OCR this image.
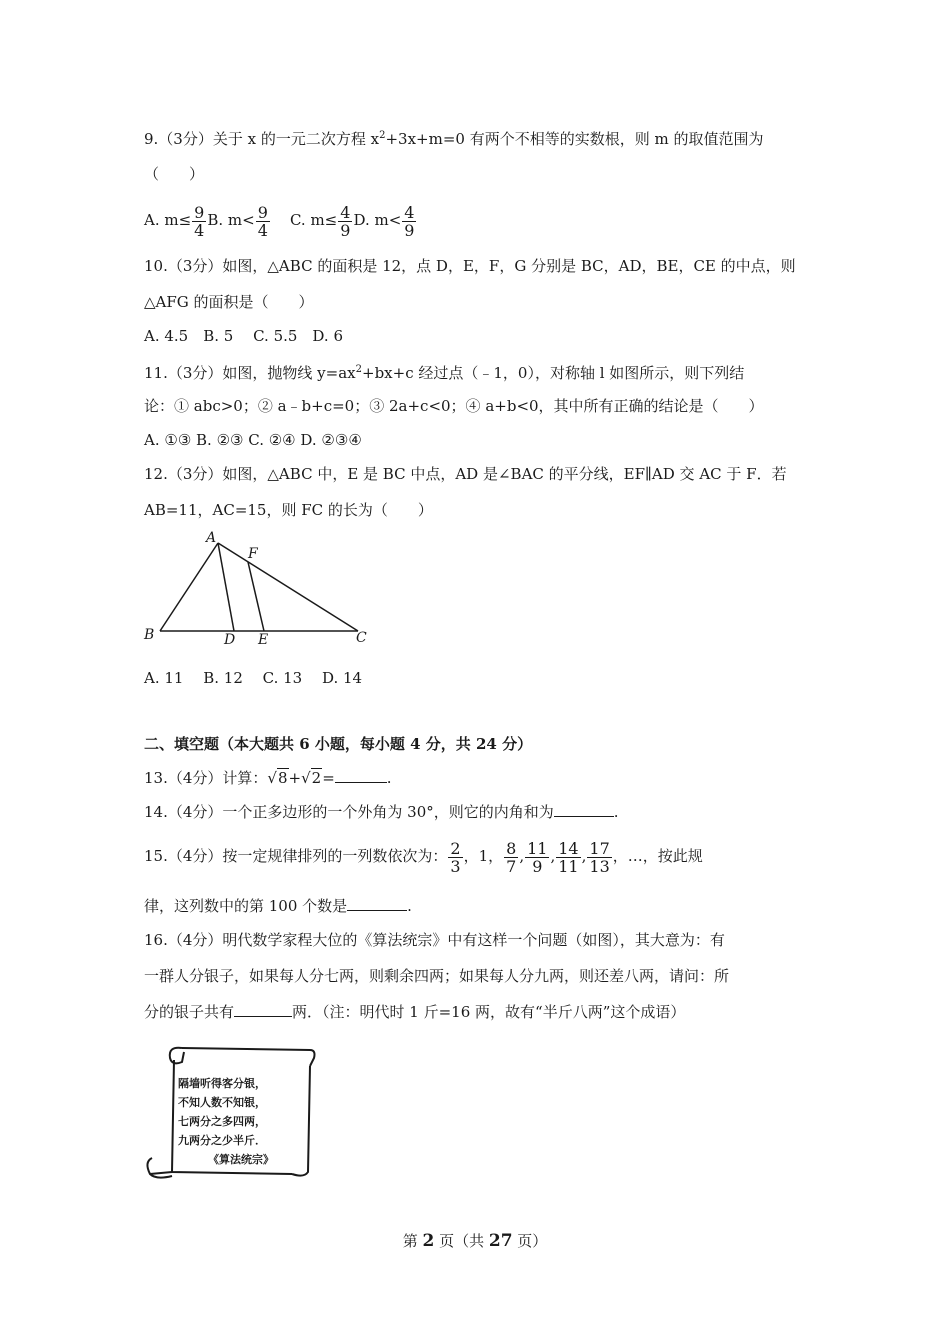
9.（3分）关于 x 的一元二次方程 $x^2+3x+m=0$ 有两个不相等的实数根，则 m 的取值范围为
（　　）
A. $m\le \frac{9}{4} B$. $m< \frac{9}{4} C$. $m\le \frac{4}{9} D$. $m< \frac{4}{9}$
10.（3分）如图，△ABC 的面积是 12，点 D，E，F，G 分别是 BC，AD，BE，CE 的中点，则
△AFG 的面积是（　　）
A. 4.5　B. 5　 C. 5.5　D. 6
11.（3分）如图，抛物线 $y=ax^2+bx+c$ 经过点（﹣1，0），对称轴 l 如图所示，则下列结
论：① abc>0；② a﹣b+c=0；③ 2a+c<0；④ a+b<0，其中所有正确的结论是（　　）
A. ①③ B. ②③ C. ②④ D. ②③④
12.（3分）如图，△ABC 中，E 是 BC 中点，AD 是∠BAC 的平分线，EF∥AD 交 AC 于 F．若
AB=11，AC=15，则 FC 的长为（　　）
A
F
B	D E	C
A. 11　 B. 12　 C. 13　 D. 14
二、填空题（本大题共 6 小题，每小题 4 分，共 24 分）
13.（4分）计算：√8+√2=	.
14.（4分）一个正多边形的一个外角为 30°，则它的内角和为	.
15.（4分）按一定规律排列的一列数依次为： $\frac{2}{3}$ ，1， $\frac{8}{7}$ , $\frac{11}{9}$ , $\frac{14}{11}$ , $\frac{17}{13}$ ，…，按此规
律，这列数中的第 100 个数是	.
16.（4分）明代数学家程大位的《算法统宗》中有这样一个问题（如图），其大意为：有
一群人分银子，如果每人分七两，则剩余四两；如果每人分九两，则还差八两，请问：所
分的银子共有	两．（注：明代时 1 斤=16 两，故有“半斤八两”这个成语）
隔墙听得客分银，
不知人数不知银，
七两分之多四两，
九两分之少半斤．
《算法统宗》
第 2 页（共 27 页）
